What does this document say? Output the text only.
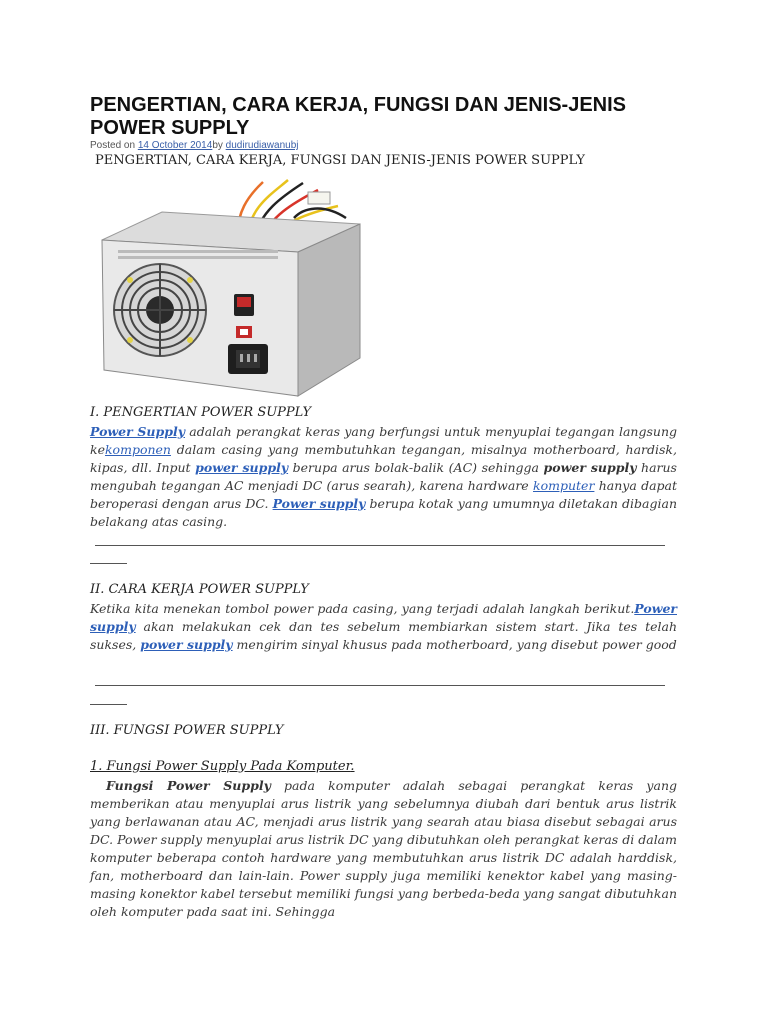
PENGERTIAN, CARA KERJA, FUNGSI DAN JENIS-JENIS POWER SUPPLY
Posted on 14 October 2014by dudirudiawanubj
PENGERTIAN, CARA KERJA, FUNGSI DAN JENIS-JENIS POWER SUPPLY
I. PENGERTIAN POWER SUPPLY

Power Supply adalah perangkat keras yang berfungsi untuk menyuplai tegangan langsung kekomponen dalam casing yang membutuhkan tegangan, misalnya motherboard, hardisk, kipas, dll. Input power supply berupa arus bolak-balik (AC) sehingga power supply harus mengubah tegangan AC menjadi DC (arus searah), karena hardware komputer hanya dapat beroperasi dengan arus DC. Power supply berupa kotak yang umumnya diletakan dibagian belakang atas casing.

II. CARA KERJA POWER SUPPLY

Ketika kita menekan tombol power pada casing, yang terjadi adalah langkah berikut.Power supply akan melakukan cek dan tes sebelum membiarkan sistem start. Jika tes telah sukses, power supply mengirim sinyal khusus pada motherboard, yang disebut power good

III. FUNGSI POWER SUPPLY
1. Fungsi Power Supply Pada Komputer.

Fungsi Power Supply pada komputer adalah sebagai perangkat keras yang memberikan atau menyuplai arus listrik yang sebelumnya diubah dari bentuk arus listrik yang berlawanan atau AC, menjadi arus listrik yang searah atau biasa disebut sebagai arus DC. Power supply menyuplai arus listrik DC yang dibutuhkan oleh perangkat keras di dalam komputer beberapa contoh hardware yang membutuhkan arus listrik DC adalah harddisk, fan, motherboard dan lain-lain. Power supply juga memiliki kenektor kabel yang masing-masing konektor kabel tersebut memiliki fungsi yang berbeda-beda yang sangat dibutuhkan oleh komputer pada saat ini. Sehingga
